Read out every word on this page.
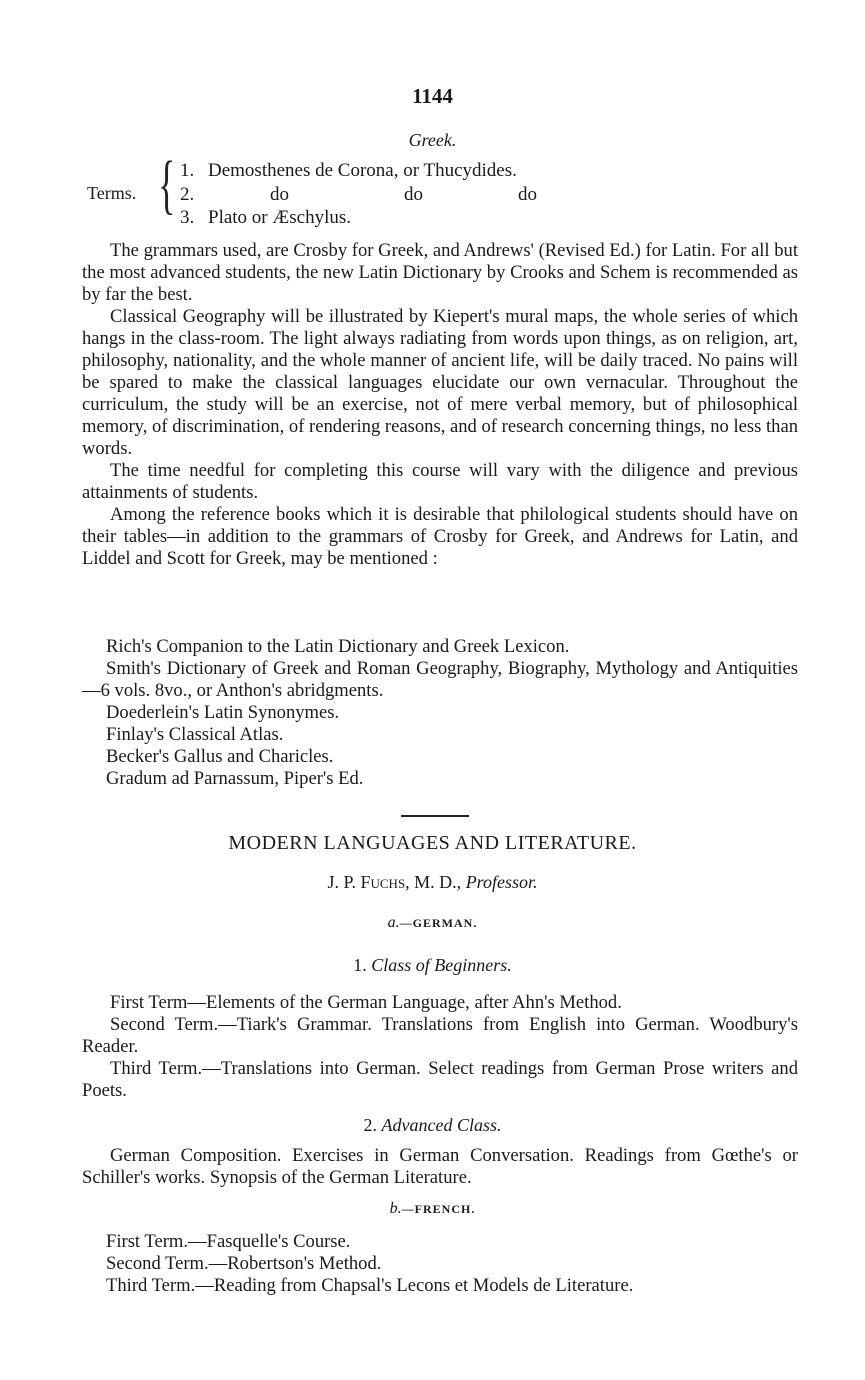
1144
Greek.
Terms. { 1. Demosthenes de Corona, or Thucydides.
2.	do	do	do
3. Plato or Æschylus.

The grammars used, are Crosby for Greek, and Andrews' (Revised Ed.) for Latin. For all but the most advanced students, the new Latin Dictionary by Crooks and Schem is recommended as by far the best.

Classical Geography will be illustrated by Kiepert's mural maps, the whole series of which hangs in the class-room. The light always radiating from words upon things, as on religion, art, philosophy, nationality, and the whole manner of ancient life, will be daily traced. No pains will be spared to make the classical languages elucidate our own vernacular. Throughout the curriculum, the study will be an exercise, not of mere verbal memory, but of philosophical memory, of discrimination, of rendering reasons, and of research concerning things, no less than words.

The time needful for completing this course will vary with the diligence and previous attainments of students.

Among the reference books which it is desirable that philological students should have on their tables—in addition to the grammars of Crosby for Greek, and Andrews for Latin, and Liddel and Scott for Greek, may be mentioned :

Rich's Companion to the Latin Dictionary and Greek Lexicon.
Smith's Dictionary of Greek and Roman Geography, Biography, Mythology and Antiquities—6 vols. 8vo., or Anthon's abridgments.
Doederlein's Latin Synonymes.
Finlay's Classical Atlas.
Becker's Gallus and Charicles.
Gradum ad Parnassum, Piper's Ed.
MODERN LANGUAGES AND LITERATURE.
J. P. Fuchs, M. D., Professor.
a.—GERMAN.
1. Class of Beginners.

First Term—Elements of the German Language, after Ahn's Method.

Second Term.—Tiark's Grammar. Translations from English into German. Woodbury's Reader.

Third Term.—Translations into German. Select readings from German Prose writers and Poets.

2. Advanced Class.

German Composition. Exercises in German Conversation. Readings from Gœthe's or Schiller's works. Synopsis of the German Literature.

b.—FRENCH.
First Term.—Fasquelle's Course.
Second Term.—Robertson's Method.
Third Term.—Reading from Chapsal's Lecons et Models de Literature.
